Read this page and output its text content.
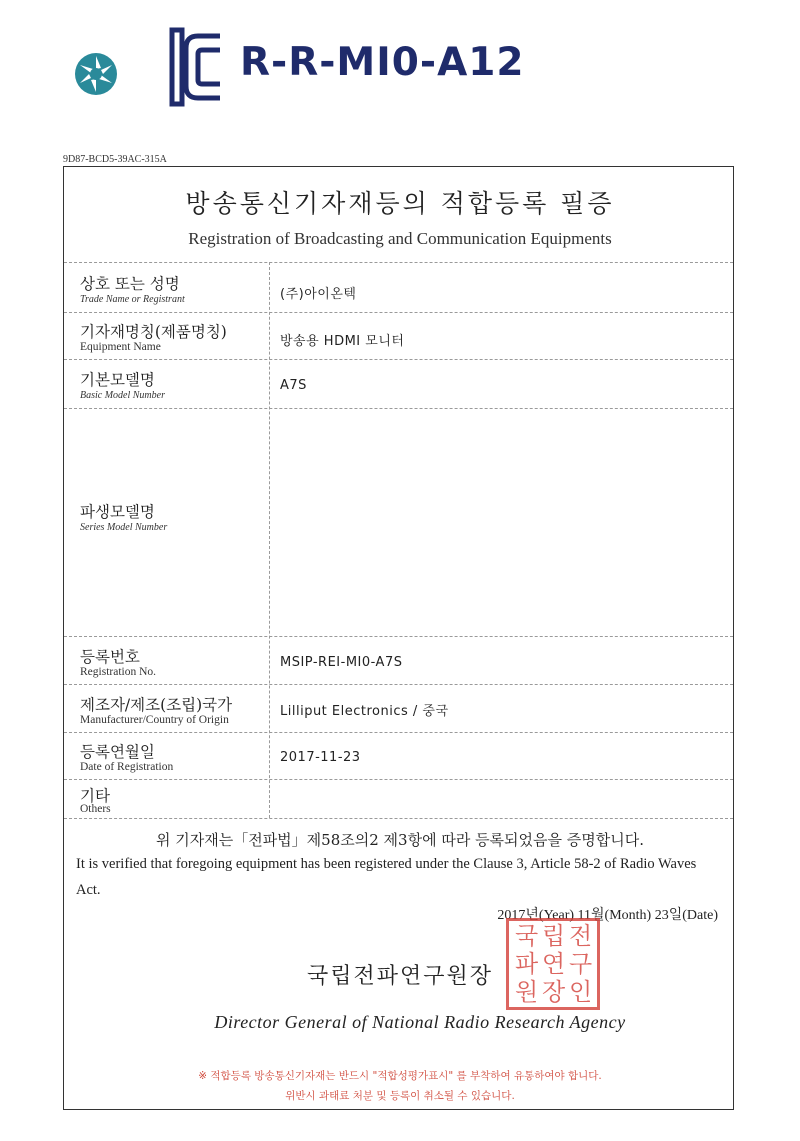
R-R-MI0-A12
9D87-BCD5-39AC-315A
방송통신기자재등의 적합등록 필증
Registration of Broadcasting and Communication Equipments
상호 또는 성명
Trade Name or Registrant	(주)아이온텍
기자재명칭(제품명칭)
Equipment Name	방송용 HDMI 모니터
기본모델명
Basic Model Number
A7S
파생모델명
Series Model Number
등록번호
Registration No.
MSIP-REI-MI0-A7S
제조자/제조(조립)국가
Manufacturer/Country of Origin
Lilliput Electronics / 중국
등록연월일
Date of Registration
2017-11-23
기타
Others
위 기자재는「전파법」제58조의2 제3항에 따라 등록되었음을 증명합니다.
It is verified that foregoing equipment has been registered under the Clause 3, Article 58-2 of Radio Waves Act.
2017년(Year) 11월(Month) 23일(Date)
국립전파연구원장
Director General of National Radio Research Agency
국 립 전
파 연 구
원 장 인
※ 적합등록 방송통신기자재는 반드시 "적합성평가표시" 를 부착하여 유통하여야 합니다.
위반시 과태료 처분 및 등록이 취소될 수 있습니다.
